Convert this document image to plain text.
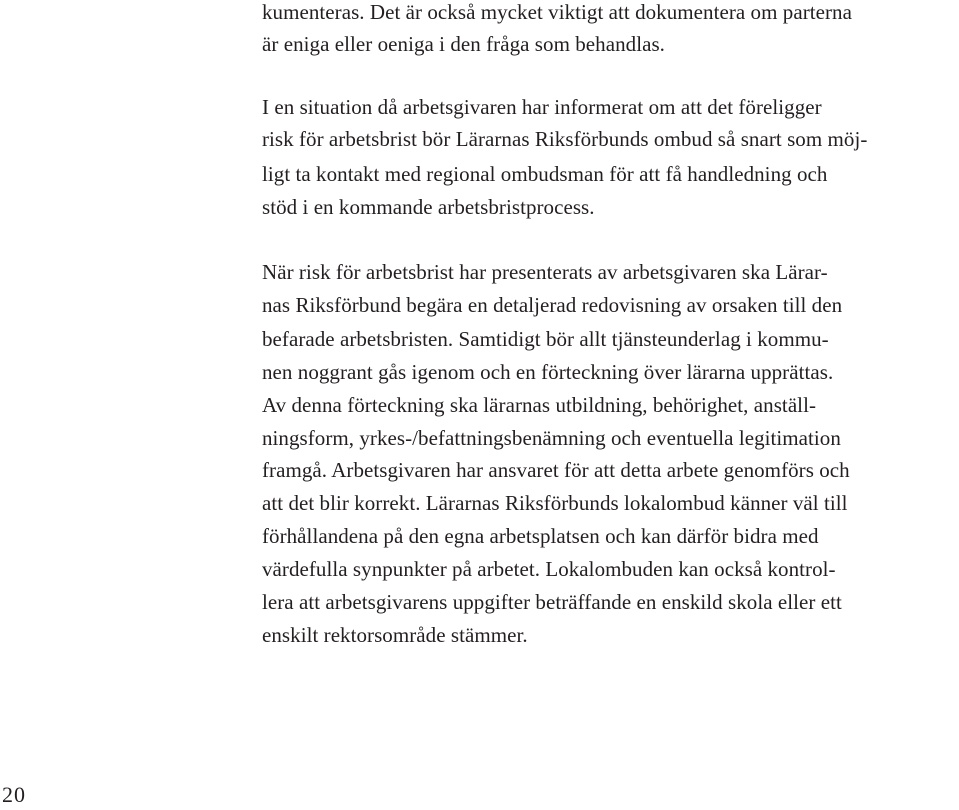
kumenteras. Det är också mycket viktigt att dokumentera om parterna
är eniga eller oeniga i den fråga som behandlas.
I en situation då arbetsgivaren har informerat om att det föreligger
risk för arbetsbrist bör Lärarnas Riksförbunds ombud så snart som möj-
ligt ta kontakt med regional ombudsman för att få handledning och
stöd i en kommande arbetsbristprocess.
När risk för arbetsbrist har presenterats av arbetsgivaren ska Lärar-
nas Riksförbund begära en detaljerad redovisning av orsaken till den
befarade arbetsbristen. Samtidigt bör allt tjänsteunderlag i kommu-
nen noggrant gås igenom och en förteckning över lärarna upprättas.
Av denna förteckning ska lärarnas utbildning, behörighet, anställ-
ningsform, yrkes-/befattningsbenämning och eventuella legitimation
framgå. Arbetsgivaren har ansvaret för att detta arbete genomförs och
att det blir korrekt. Lärarnas Riksförbunds lokalombud känner väl till
förhållandena på den egna arbetsplatsen och kan därför bidra med
värdefulla synpunkter på arbetet. Lokalombuden kan också kontrol-
lera att arbetsgivarens uppgifter beträffande en enskild skola eller ett
enskilt rektorsområde stämmer.
20
